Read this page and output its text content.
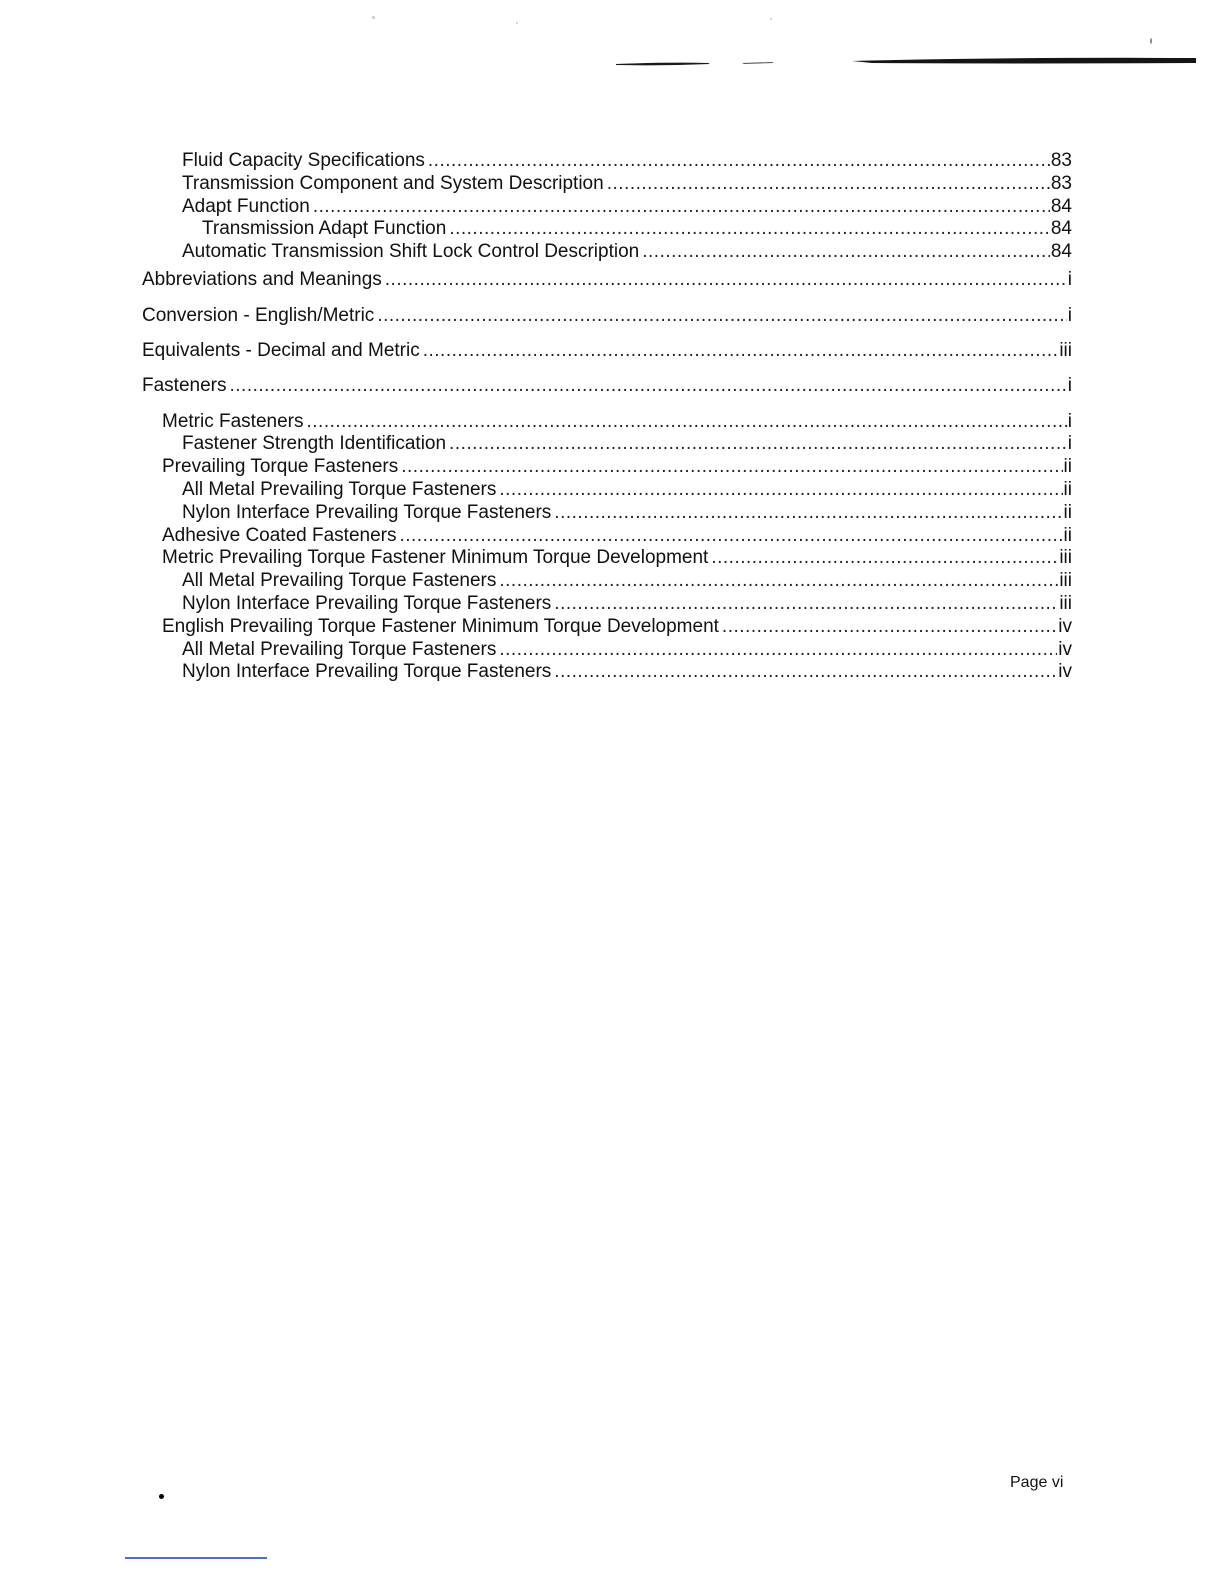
Fluid Capacity Specifications .....	83
Transmission Component and System Description .....	83
Adapt Function .....	84
Transmission Adapt Function .....	84
Automatic Transmission Shift Lock Control Description .....	84
Abbreviations and Meanings .....	i
Conversion - English/Metric .....	i
Equivalents - Decimal and Metric .....	iii
Fasteners .....	i
Metric Fasteners .....	i
Fastener Strength Identification .....	i
Prevailing Torque Fasteners .....	ii
All Metal Prevailing Torque Fasteners .....	ii
Nylon Interface Prevailing Torque Fasteners .....	ii
Adhesive Coated Fasteners .....	ii
Metric Prevailing Torque Fastener Minimum Torque Development .....	iii
All Metal Prevailing Torque Fasteners .....	iii
Nylon Interface Prevailing Torque Fasteners .....	iii
English Prevailing Torque Fastener Minimum Torque Development .....	iv
All Metal Prevailing Torque Fasteners .....	iv
Nylon Interface Prevailing Torque Fasteners .....	iv
Page vi
